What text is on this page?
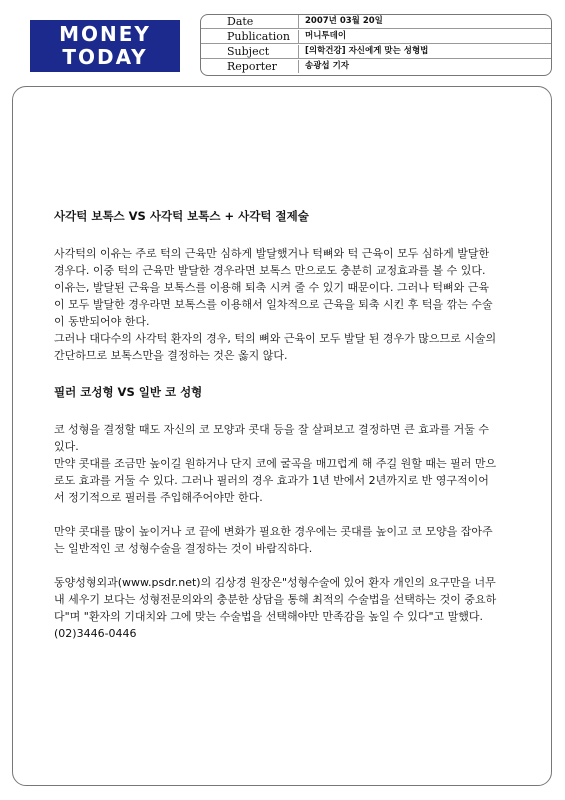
MONEY
TODAY
Date	2007년 03월 20일
Publication	머니투데이
Subject	[의학건강] 자신에게 맞는 성형법
Reporter	송광섭 기자

사각턱 보톡스 VS 사각턱 보톡스 + 사각턱 절제술

사각턱의 이유는 주로 턱의 근육만 심하게 발달했거나 턱뼈와 턱 근육이 모두 심하게 발달한 경우다. 이중 턱의 근육만 발달한 경우라면 보톡스 만으로도 충분히 교정효과를 볼 수 있다. 이유는, 발달된 근육을 보톡스를 이용해 퇴축 시켜 줄 수 있기 때문이다. 그러나 턱뼈와 근육이 모두 발달한 경우라면 보톡스를 이용해서 일차적으로 근육을 퇴축 시킨 후 턱을 깎는 수술이 동반되어야 한다.

그러나 대다수의 사각턱 환자의 경우, 턱의 뼈와 근육이 모두 발달 된 경우가 많으므로 시술의 간단하므로 보톡스만을 결정하는 것은 옳지 않다.

필러 코성형 VS 일반 코 성형

코 성형을 결정할 때도 자신의 코 모양과 콧대 등을 잘 살펴보고 결정하면 큰 효과를 거둘 수 있다.

만약 콧대를 조금만 높이길 원하거나 단지 코에 굴곡을 매끄럽게 해 주길 원할 때는 필러 만으로도 효과를 거둘 수 있다. 그러나 필러의 경우 효과가 1년 반에서 2년까지로 반 영구적이어서 정기적으로 필러를 주입해주어야만 한다.

만약 콧대를 많이 높이거나 코 끝에 변화가 필요한 경우에는 콧대를 높이고 코 모양을 잡아주는 일반적인 코 성형수술을 결정하는 것이 바람직하다.

동양성형외과(www.psdr.net)의 김상경 원장은"성형수술에 있어 환자 개인의 요구만을 너무 내 세우기 보다는 성형전문의와의 충분한 상담을 통해 최적의 수술법을 선택하는 것이 중요하다"며 "환자의 기대치와 그에 맞는 수술법을 선택해야만 만족감을 높일 수 있다"고 말했다. (02)3446-0446
